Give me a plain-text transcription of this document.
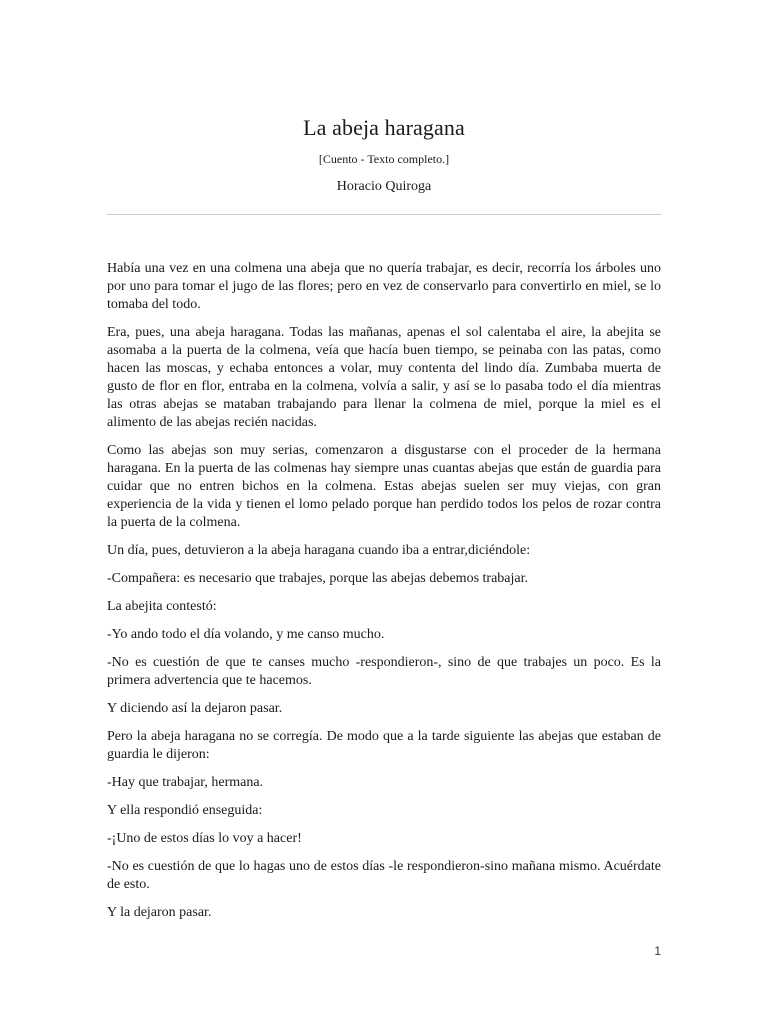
La abeja haragana
[Cuento - Texto completo.]
Horacio Quiroga

Había una vez en una colmena una abeja que no quería trabajar, es decir, recorría los árboles uno por uno para tomar el jugo de las flores; pero en vez de conservarlo para convertirlo en miel, se lo tomaba del todo.

Era, pues, una abeja haragana. Todas las mañanas, apenas el sol calentaba el aire, la abejita se asomaba a la puerta de la colmena, veía que hacía buen tiempo, se peinaba con las patas, como hacen las moscas, y echaba entonces a volar, muy contenta del lindo día. Zumbaba muerta de gusto de flor en flor, entraba en la colmena, volvía a salir, y así se lo pasaba todo el día mientras las otras abejas se mataban trabajando para llenar la colmena de miel, porque la miel es el alimento de las abejas recién nacidas.

Como las abejas son muy serias, comenzaron a disgustarse con el proceder de la hermana haragana. En la puerta de las colmenas hay siempre unas cuantas abejas que están de guardia para cuidar que no entren bichos en la colmena. Estas abejas suelen ser muy viejas, con gran experiencia de la vida y tienen el lomo pelado porque han perdido todos los pelos de rozar contra la puerta de la colmena.

Un día, pues, detuvieron a la abeja haragana cuando iba a entrar,diciéndole:

-Compañera: es necesario que trabajes, porque las abejas debemos trabajar.

La abejita contestó:

-Yo ando todo el día volando, y me canso mucho.

-No es cuestión de que te canses mucho -respondieron-, sino de que trabajes un poco. Es la primera advertencia que te hacemos.

Y diciendo así la dejaron pasar.

Pero la abeja haragana no se corregía. De modo que a la tarde siguiente las abejas que estaban de guardia le dijeron:

-Hay que trabajar, hermana.

Y ella respondió enseguida:

-¡Uno de estos días lo voy a hacer!

-No es cuestión de que lo hagas uno de estos días -le respondieron-sino mañana mismo. Acuérdate de esto.

Y la dejaron pasar.

1
